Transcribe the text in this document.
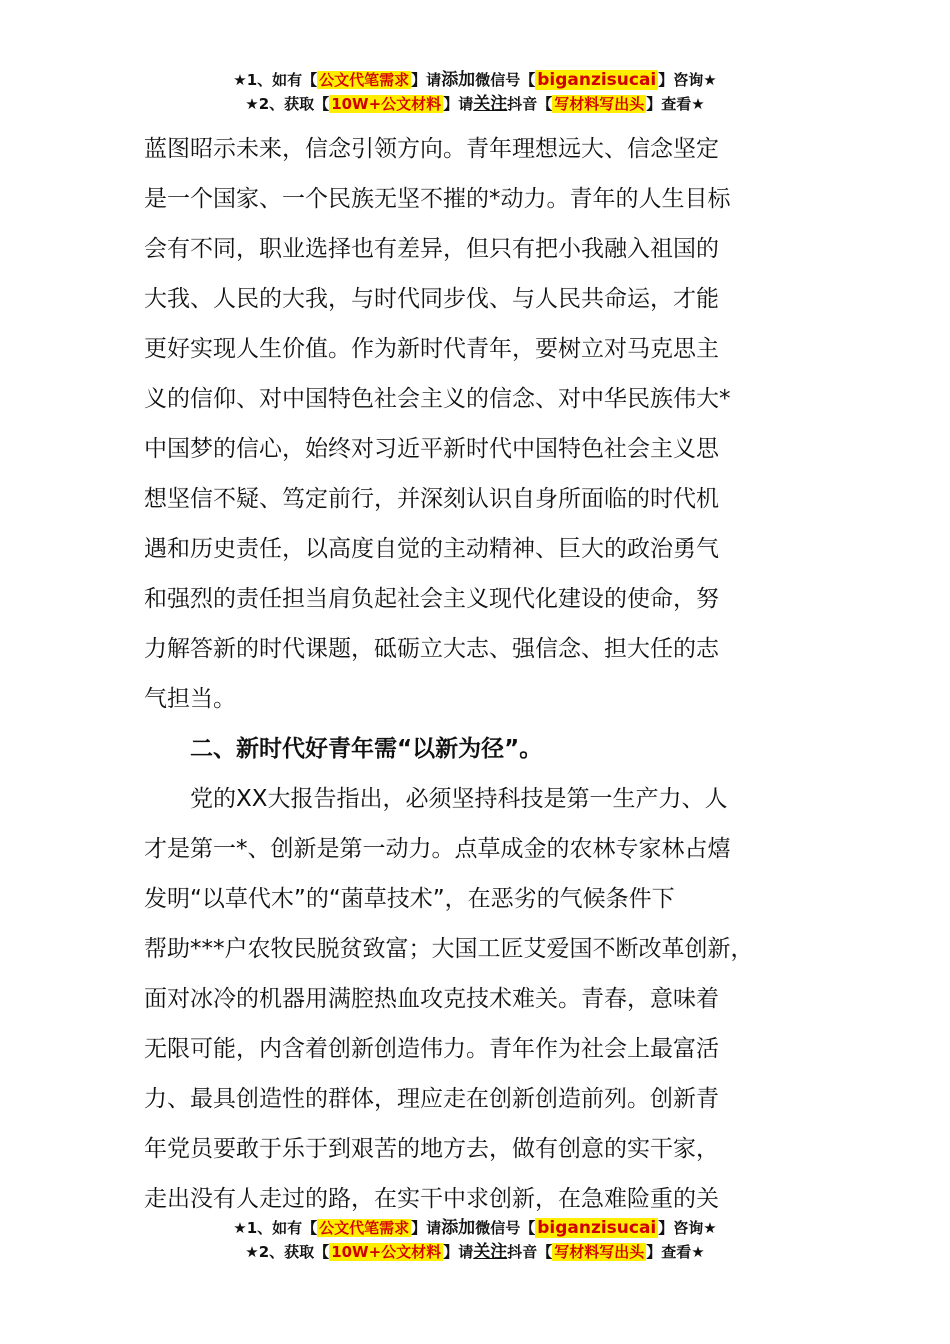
★1、如有【 公文代笔需求 】请添加微信号【 biganzisucai 】咨询★
★2、获取【 10W+公文材料 】请关注抖音【 写材料写出头 】查看★

蓝图昭示未来，信念引领方向。青年理想远大、信念坚定
是一个国家、一个民族无坚不摧的*动力。青年的人生目标
会有不同，职业选择也有差异，但只有把小我融入祖国的
大我、人民的大我，与时代同步伐、与人民共命运，才能
更好实现人生价值。作为新时代青年，要树立对马克思主
义的信仰、对中国特色社会主义的信念、对中华民族伟大*
中国梦的信心，始终对习近平新时代中国特色社会主义思
想坚信不疑、笃定前行，并深刻认识自身所面临的时代机
遇和历史责任，以高度自觉的主动精神、巨大的政治勇气
和强烈的责任担当肩负起社会主义现代化建设的使命，努
力解答新的时代课题，砥砺立大志、强信念、担大任的志
气担当。

二、新时代好青年需“以新为径”。

党的XX大报告指出，必须坚持科技是第一生产力、人
才是第一*、创新是第一动力。点草成金的农林专家林占熺
发明“以草代木”的“菌草技术”，在恶劣的气候条件下
帮助***户农牧民脱贫致富；大国工匠艾爱国不断改革创新，
面对冰冷的机器用满腔热血攻克技术难关。青春，意味着
无限可能，内含着创新创造伟力。青年作为社会上最富活
力、最具创造性的群体，理应走在创新创造前列。创新青
年党员要敢于乐于到艰苦的地方去，做有创意的实干家，
走出没有人走过的路，在实干中求创新，在急难险重的关

★1、如有【 公文代笔需求 】请添加微信号【 biganzisucai 】咨询★
★2、获取【 10W+公文材料 】请关注抖音【 写材料写出头 】查看★
